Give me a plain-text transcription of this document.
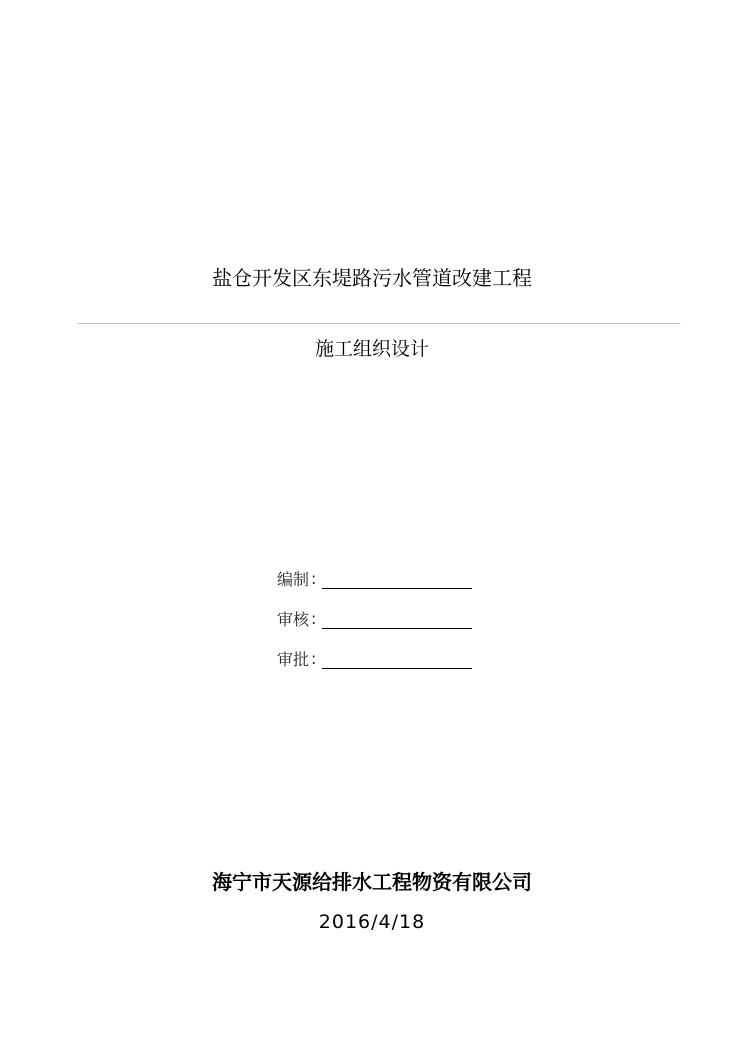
盐仓开发区东堤路污水管道改建工程
施工组织设计
编制 :
审核 :
审批 :
海宁市天源给排水工程物资有限公司
2016/4/18
